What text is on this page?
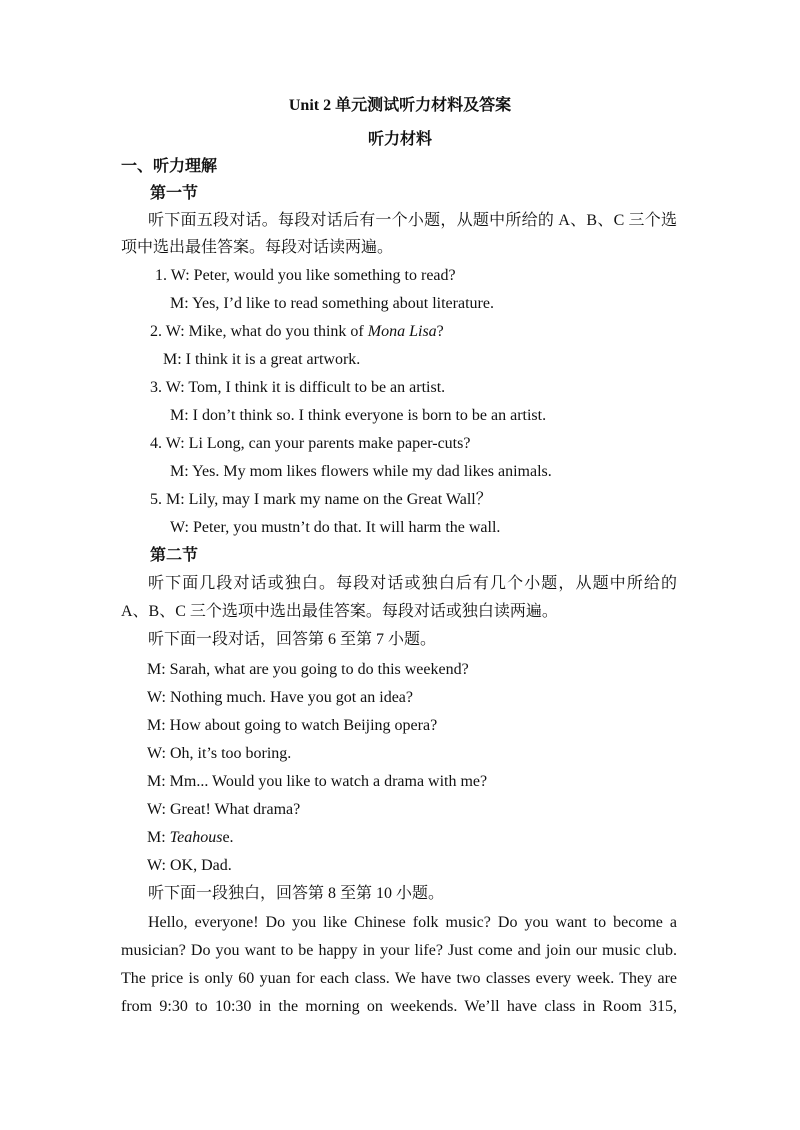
Unit 2 单元测试听力材料及答案
听力材料
一、听力理解
第一节
听下面五段对话。每段对话后有一个小题，从题中所给的 A、B、C 三个选
项中选出最佳答案。每段对话读两遍。
1. W: Peter, would you like something to read?
M: Yes, I’d like to read something about literature.
2. W: Mike, what do you think of Mona Lisa?
M: I think it is a great artwork.
3. W: Tom, I think it is difficult to be an artist.
M: I don’t think so. I think everyone is born to be an artist.
4. W: Li Long, can your parents make paper-cuts?
M: Yes. My mom likes flowers while my dad likes animals.
5. M: Lily, may I mark my name on the Great Wall？
W: Peter, you mustn’t do that. It will harm the wall.
第二节
听下面几段对话或独白。每段对话或独白后有几个小题，从题中所给的
A、B、C 三个选项中选出最佳答案。每段对话或独白读两遍。
听下面一段对话，回答第 6 至第 7 小题。
M: Sarah, what are you going to do this weekend?
W: Nothing much. Have you got an idea?
M: How about going to watch Beijing opera?
W: Oh, it’s too boring.
M: Mm... Would you like to watch a drama with me?
W: Great! What drama?
M: Teahouse.
W: OK, Dad.
听下面一段独白，回答第 8 至第 10 小题。
Hello, everyone! Do you like Chinese folk music? Do you want to become a
musician? Do you want to be happy in your life? Just come and join our music club.
The price is only 60 yuan for each class. We have two classes every week. They are
from 9:30 to 10:30 in the morning on weekends. We’ll have class in Room 315,
